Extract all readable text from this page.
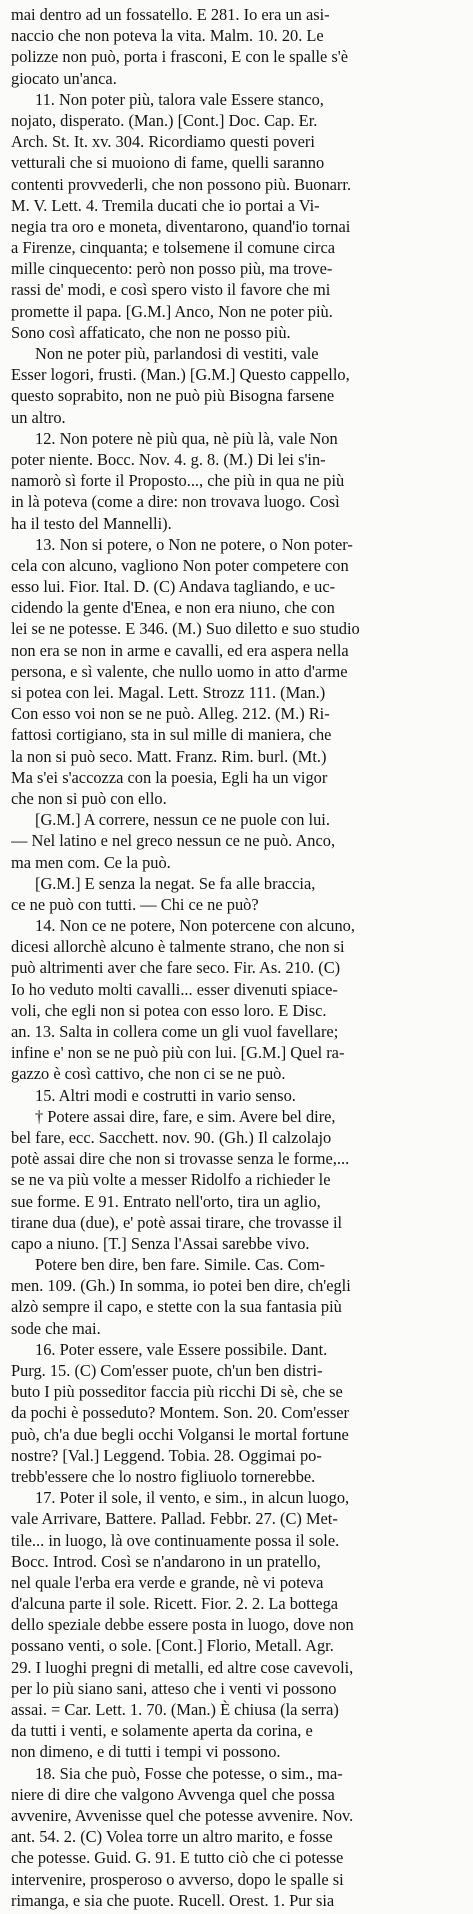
mai dentro ad un fossatello. E 281. Io era un asi-
naccio che non poteva la vita. Malm. 10. 20. Le
polizze non può, porta i frasconi, E con le spalle s'è
giocato un'anca.
11. Non poter più, talora vale Essere stanco,
nojato, disperato. (Man.) [Cont.] Doc. Cap. Er.
Arch. St. It. xv. 304. Ricordiamo questi poveri
vetturali che si muoiono di fame, quelli saranno
contenti provvederli, che non possono più. Buonarr.
M. V. Lett. 4. Tremila ducati che io portai a Vi-
negia tra oro e moneta, diventarono, quand'io tornai
a Firenze, cinquanta; e tolsemene il comune circa
mille cinquecento: però non posso più, ma trove-
rassi de' modi, e così spero visto il favore che mi
promette il papa. [G.M.] Anco, Non ne poter più.
Sono così affaticato, che non ne posso più.
Non ne poter più, parlandosi di vestiti, vale
Esser logori, frusti. (Man.) [G.M.] Questo cappello,
questo soprabito, non ne può più Bisogna farsene
un altro.
12. Non potere nè più qua, nè più là, vale Non
poter niente. Bocc. Nov. 4. g. 8. (M.) Di lei s'in-
namorò sì forte il Proposto..., che più in qua ne più
in là poteva (come a dire: non trovava luogo. Così
ha il testo del Mannelli).
13. Non si potere, o Non ne potere, o Non poter-
cela con alcuno, vagliono Non poter competere con
esso lui. Fior. Ital. D. (C) Andava tagliando, e uc-
cidendo la gente d'Enea, e non era niuno, che con
lei se ne potesse. E 346. (M.) Suo diletto e suo studio
non era se non in arme e cavalli, ed era aspera nella
persona, e sì valente, che nullo uomo in atto d'arme
si potea con lei. Magal. Lett. Strozz 111. (Man.)
Con esso voi non se ne può. Alleg. 212. (M.) Ri-
fattosi cortigiano, sta in sul mille di maniera, che
la non si può seco. Matt. Franz. Rim. burl. (Mt.)
Ma s'ei s'accozza con la poesia, Egli ha un vigor
che non si può con ello.
[G.M.] A correre, nessun ce ne puole con lui.
— Nel latino e nel greco nessun ce ne può. Anco,
ma men com. Ce la può.
[G.M.] E senza la negat. Se fa alle braccia,
ce ne può con tutti. — Chi ce ne può?
14. Non ce ne potere, Non potercene con alcuno,
dicesi allorchè alcuno è talmente strano, che non si
può altrimenti aver che fare seco. Fir. As. 210. (C)
Io ho veduto molti cavalli... esser divenuti spiace-
voli, che egli non si potea con esso loro. E Disc.
an. 13. Salta in collera come un gli vuol favellare;
infine e' non se ne può più con lui. [G.M.] Quel ra-
gazzo è così cattivo, che non ci se ne può.
15. Altri modi e costrutti in vario senso.
† Potere assai dire, fare, e sim. Avere bel dire,
bel fare, ecc. Sacchett. nov. 90. (Gh.) Il calzolajo
potè assai dire che non si trovasse senza le forme,...
se ne va più volte a messer Ridolfo a richieder le
sue forme. E 91. Entrato nell'orto, tira un aglio,
tirane dua (due), e' potè assai tirare, che trovasse il
capo a niuno. [T.] Senza l'Assai sarebbe vivo.
Potere ben dire, ben fare. Simile. Cas. Com-
men. 109. (Gh.) In somma, io potei ben dire, ch'egli
alzò sempre il capo, e stette con la sua fantasia più
sode che mai.
16. Poter essere, vale Essere possibile. Dant.
Purg. 15. (C) Com'esser puote, ch'un ben distri-
buto I più posseditor faccia più ricchi Di sè, che se
da pochi è posseduto? Montem. Son. 20. Com'esser
può, ch'a due begli occhi Volgansi le mortal fortune
nostre? [Val.] Leggend. Tobia. 28. Oggimai po-
trebb'essere che lo nostro figliuolo tornerebbe.
17. Poter il sole, il vento, e sim., in alcun luogo,
vale Arrivare, Battere. Pallad. Febbr. 27. (C) Met-
tile... in luogo, là ove continuamente possa il sole.
Bocc. Introd. Così se n'andarono in un pratello,
nel quale l'erba era verde e grande, nè vi poteva
d'alcuna parte il sole. Ricett. Fior. 2. 2. La bottega
dello speziale debbe essere posta in luogo, dove non
possano venti, o sole. [Cont.] Florio, Metall. Agr.
29. I luoghi pregni di metalli, ed altre cose cavevoli,
per lo più siano sani, atteso che i venti vi possono
assai. = Car. Lett. 1. 70. (Man.) È chiusa (la serra)
da tutti i venti, e solamente aperta da corina, e
non dimeno, e di tutti i tempi vi possono.
18. Sia che può, Fosse che potesse, o sim., ma-
niere di dire che valgono Avvenga quel che possa
avvenire, Avvenisse quel che potesse avvenire. Nov.
ant. 54. 2. (C) Volea torre un altro marito, e fosse
che potesse. Guid. G. 91. E tutto ciò che ci potesse
intervenire, prosperoso o avverso, dopo le spalle si
rimanga, e sia che puote. Rucell. Orest. 1. Pur sia
